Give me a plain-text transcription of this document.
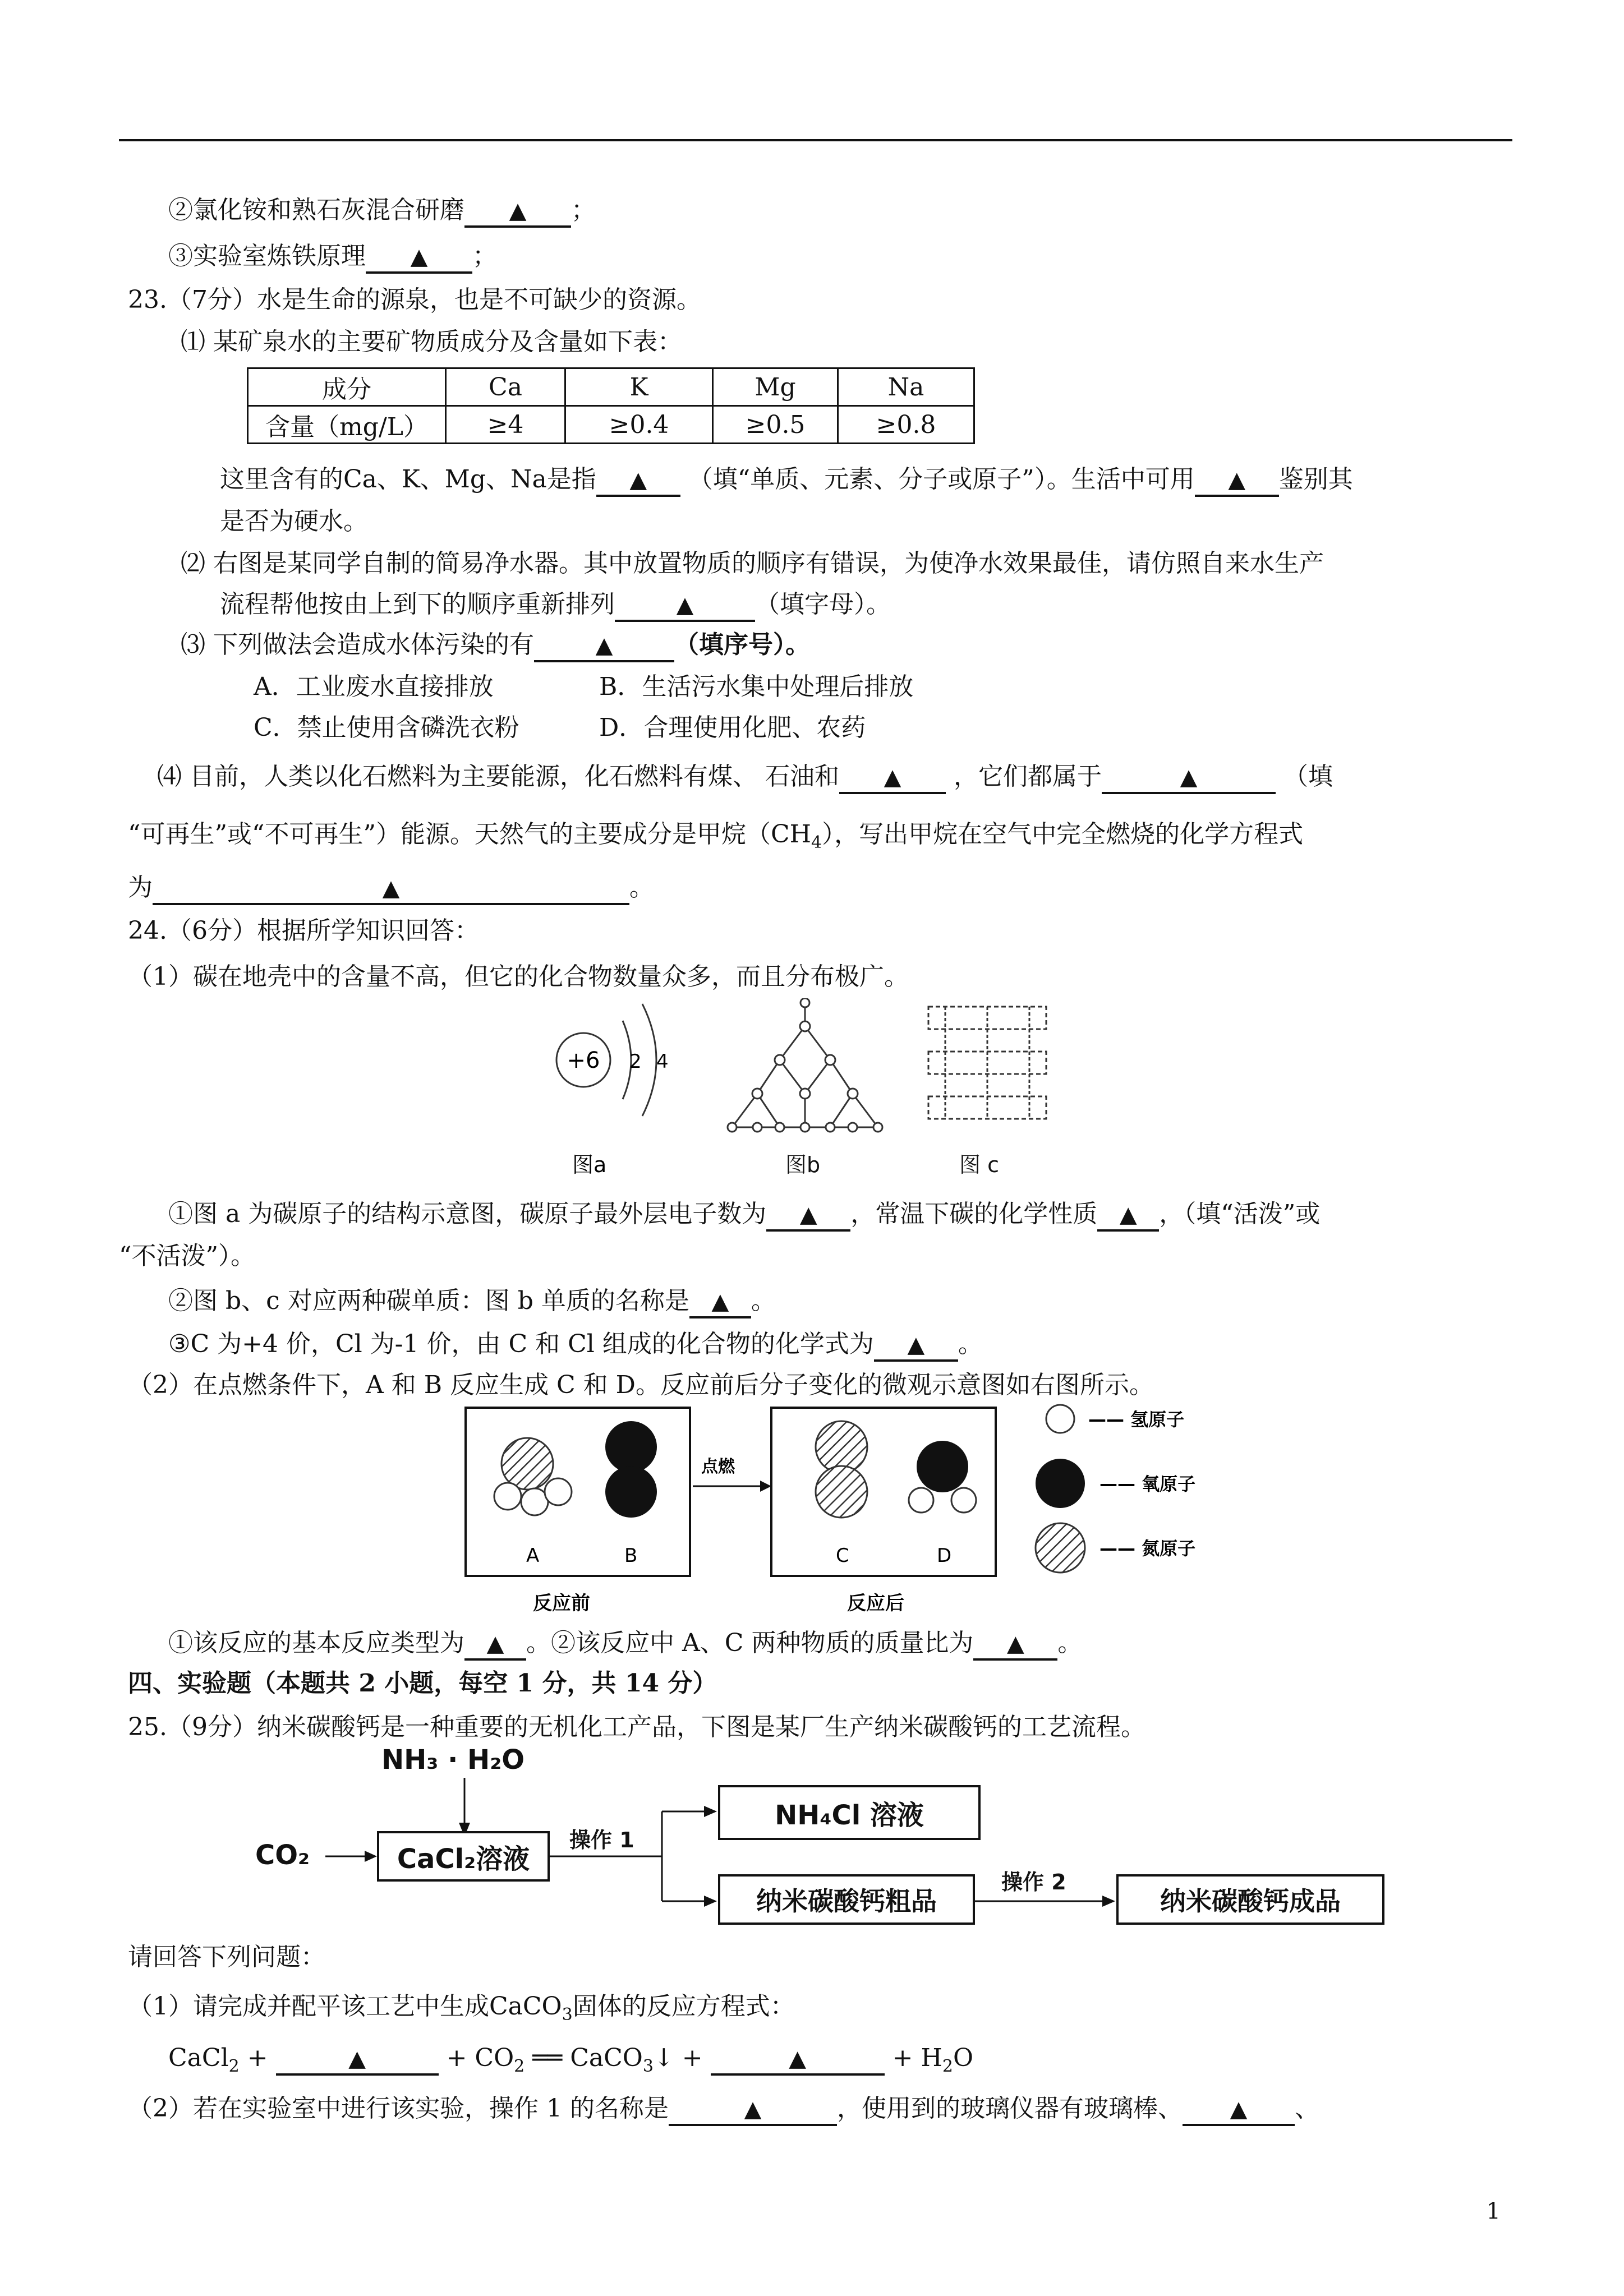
②氯化铵和熟石灰混合研磨 ▲ ；
③实验室炼铁原理 ▲ ；
23.（7分）水是生命的源泉，也是不可缺少的资源。
⑴ 某矿泉水的主要矿物质成分及含量如下表：
成分	Ca	K	Mg	Na
含量（mg/L）	≥4	≥0.4	≥0.5	≥0.8
这里含有的Ca、K、Mg、Na是指 ▲ （填“单质、元素、分子或原子”）。生活中可用 ▲ 鉴别其
是否为硬水。
⑵ 右图是某同学自制的简易净水器。其中放置物质的顺序有错误，为使净水效果最佳，请仿照自来水生产
流程帮他按由上到下的顺序重新排列	▲ （填字母）。
⑶ 下列做法会造成水体污染的有	▲ （填序号）。
A．工业废水直接排放	B．生活污水集中处理后排放
C．禁止使用含磷洗衣粉	D．合理使用化肥、农药
⑷ 目前，人类以化石燃料为主要能源，化石燃料有煤、 石油和 ▲ ，它们都属于	▲	（填
“可再生”或“不可再生”）能源。天然气的主要成分是甲烷$(CH_4)$，写出甲烷在空气中完全燃烧的化学方程式
为	▲	。
24.（6分）根据所学知识回答：
（1）碳在地壳中的含量不高，但它的化合物数量众多，而且分布极广。
+6 2 4
图a	图b	图 c
①图 a 为碳原子的结构示意图，碳原子最外层电子数为 ▲ ，常温下碳的化学性质 ▲ ，（填“活泼”或
“不活泼”）。
②图 b、c 对应两种碳单质：图 b 单质的名称是 ▲ 。
③C 为+4 价，Cl 为-1 价，由 C 和 Cl 组成的化合物的化学式为 ▲ 。
（2）在点燃条件下，A 和 B 反应生成 C 和 D。反应前后分子变化的微观示意图如右图所示。
A	B
反应前
点燃
C	D
反应后
—— 氢原子
—— 氧原子
—— 氮原子
①该反应的基本反应类型为 ▲ 。②该反应中 A、C 两种物质的质量比为 ▲ 。
四、实验题（本题共 2 小题，每空 1 分，共 14 分）
25.（9分）纳米碳酸钙是一种重要的无机化工产品，下图是某厂生产纳米碳酸钙的工艺流程。
NH₃ · H₂O
CO₂	CaCl₂溶液
操作 1
NH₄Cl 溶液
纳米碳酸钙粗品
操作 2
纳米碳酸钙成品
请回答下列问题：
（1）请完成并配平该工艺中生成CaCO$_3$固体的反应方程式：
CaCl$_2$ +	▲	+ $CO_2$ ══ CaCO$_3$↓ +	▲	+ $H_2O$
（2）若在实验室中进行该实验，操作 1 的名称是	▲	，使用到的玻璃仪器有玻璃棒、 ▲ 、
1
